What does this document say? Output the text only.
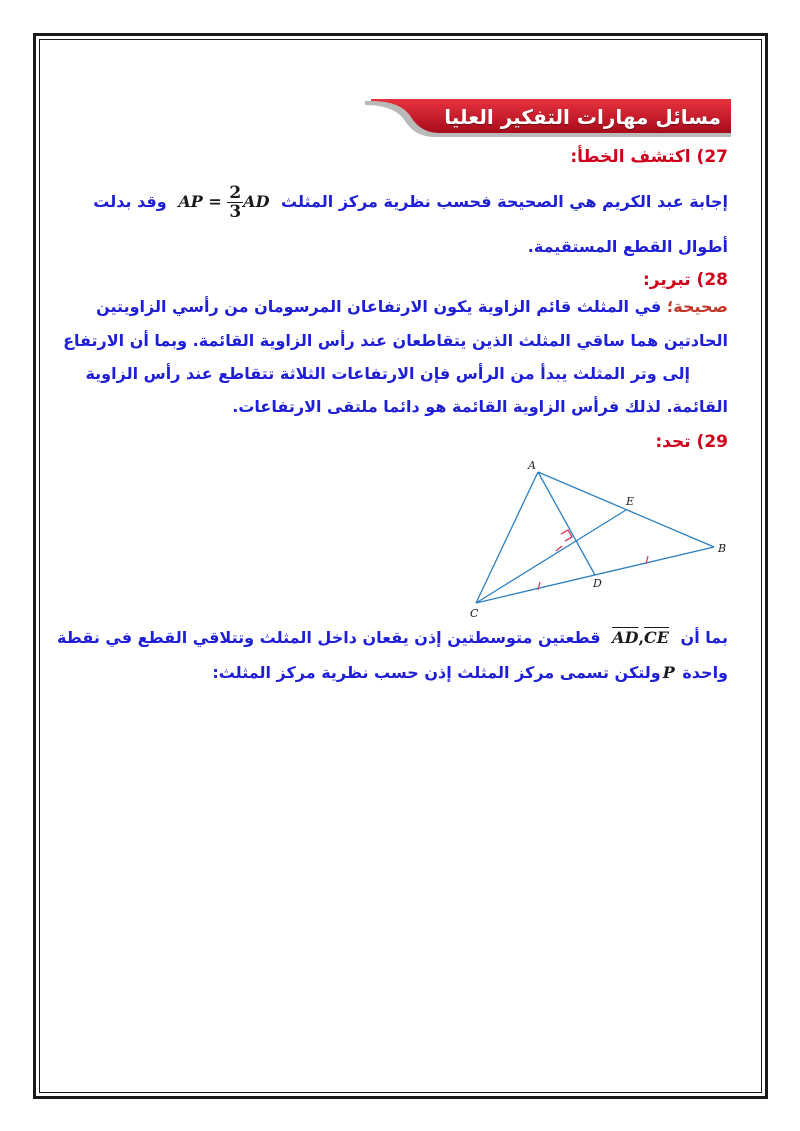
مسائل مهارات التفكير العليا
27) اكتشف الخطأ:
إجابة عبد الكريم هي الصحيحة فحسب نظرية مركز المثلث AP = $\frac{2}{3}$ AD وقد بدلت
أطوال القطع المستقيمة.
28) تبرير:
صحيحة؛ في المثلث قائم الزاوية يكون الارتفاعان المرسومان من رأسي الزاويتين
الحادتين هما ساقي المثلث الذين يتقاطعان عند رأس الزاوية القائمة. وبما أن الارتفاع
إلى وتر المثلث يبدأ من الرأس فإن الارتفاعات الثلاثة تتقاطع عند رأس الزاوية
القائمة. لذلك فرأس الزاوية القائمة هو دائما ملتقى الارتفاعات.
29) تحد:
A
B
C
D
E
بما أن $\overline{AD},\overline{CE}$ قطعتين متوسطتين إذن يقعان داخل المثلث وتتلاقي القطع في نقطة
واحدة Pولتكن تسمى مركز المثلث إذن حسب نظرية مركز المثلث:
